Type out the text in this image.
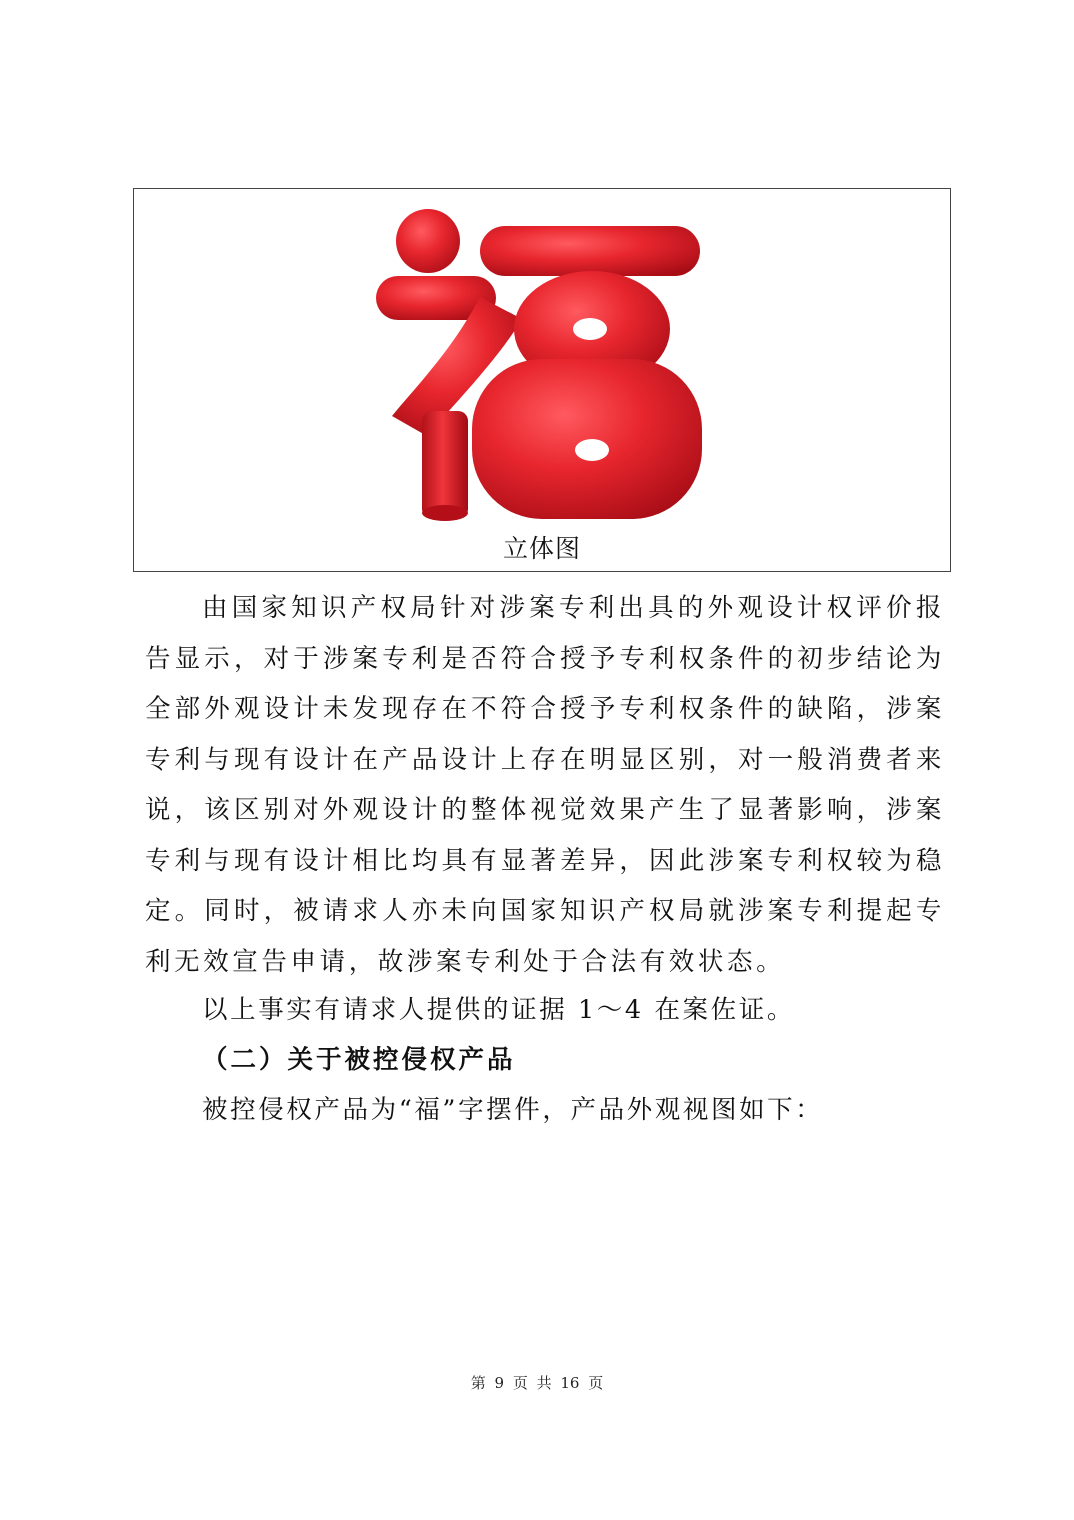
立体图

由国家知识产权局针对涉案专利出具的外观设计权评价报告显示，对于涉案专利是否符合授予专利权条件的初步结论为全部外观设计未发现存在不符合授予专利权条件的缺陷，涉案专利与现有设计在产品设计上存在明显区别，对一般消费者来说，该区别对外观设计的整体视觉效果产生了显著影响，涉案专利与现有设计相比均具有显著差异，因此涉案专利权较为稳定。同时，被请求人亦未向国家知识产权局就涉案专利提起专利无效宣告申请，故涉案专利处于合法有效状态。

以上事实有请求人提供的证据 1～4 在案佐证。

（二）关于被控侵权产品

被控侵权产品为“福”字摆件，产品外观视图如下：

第 9 页 共 16 页
